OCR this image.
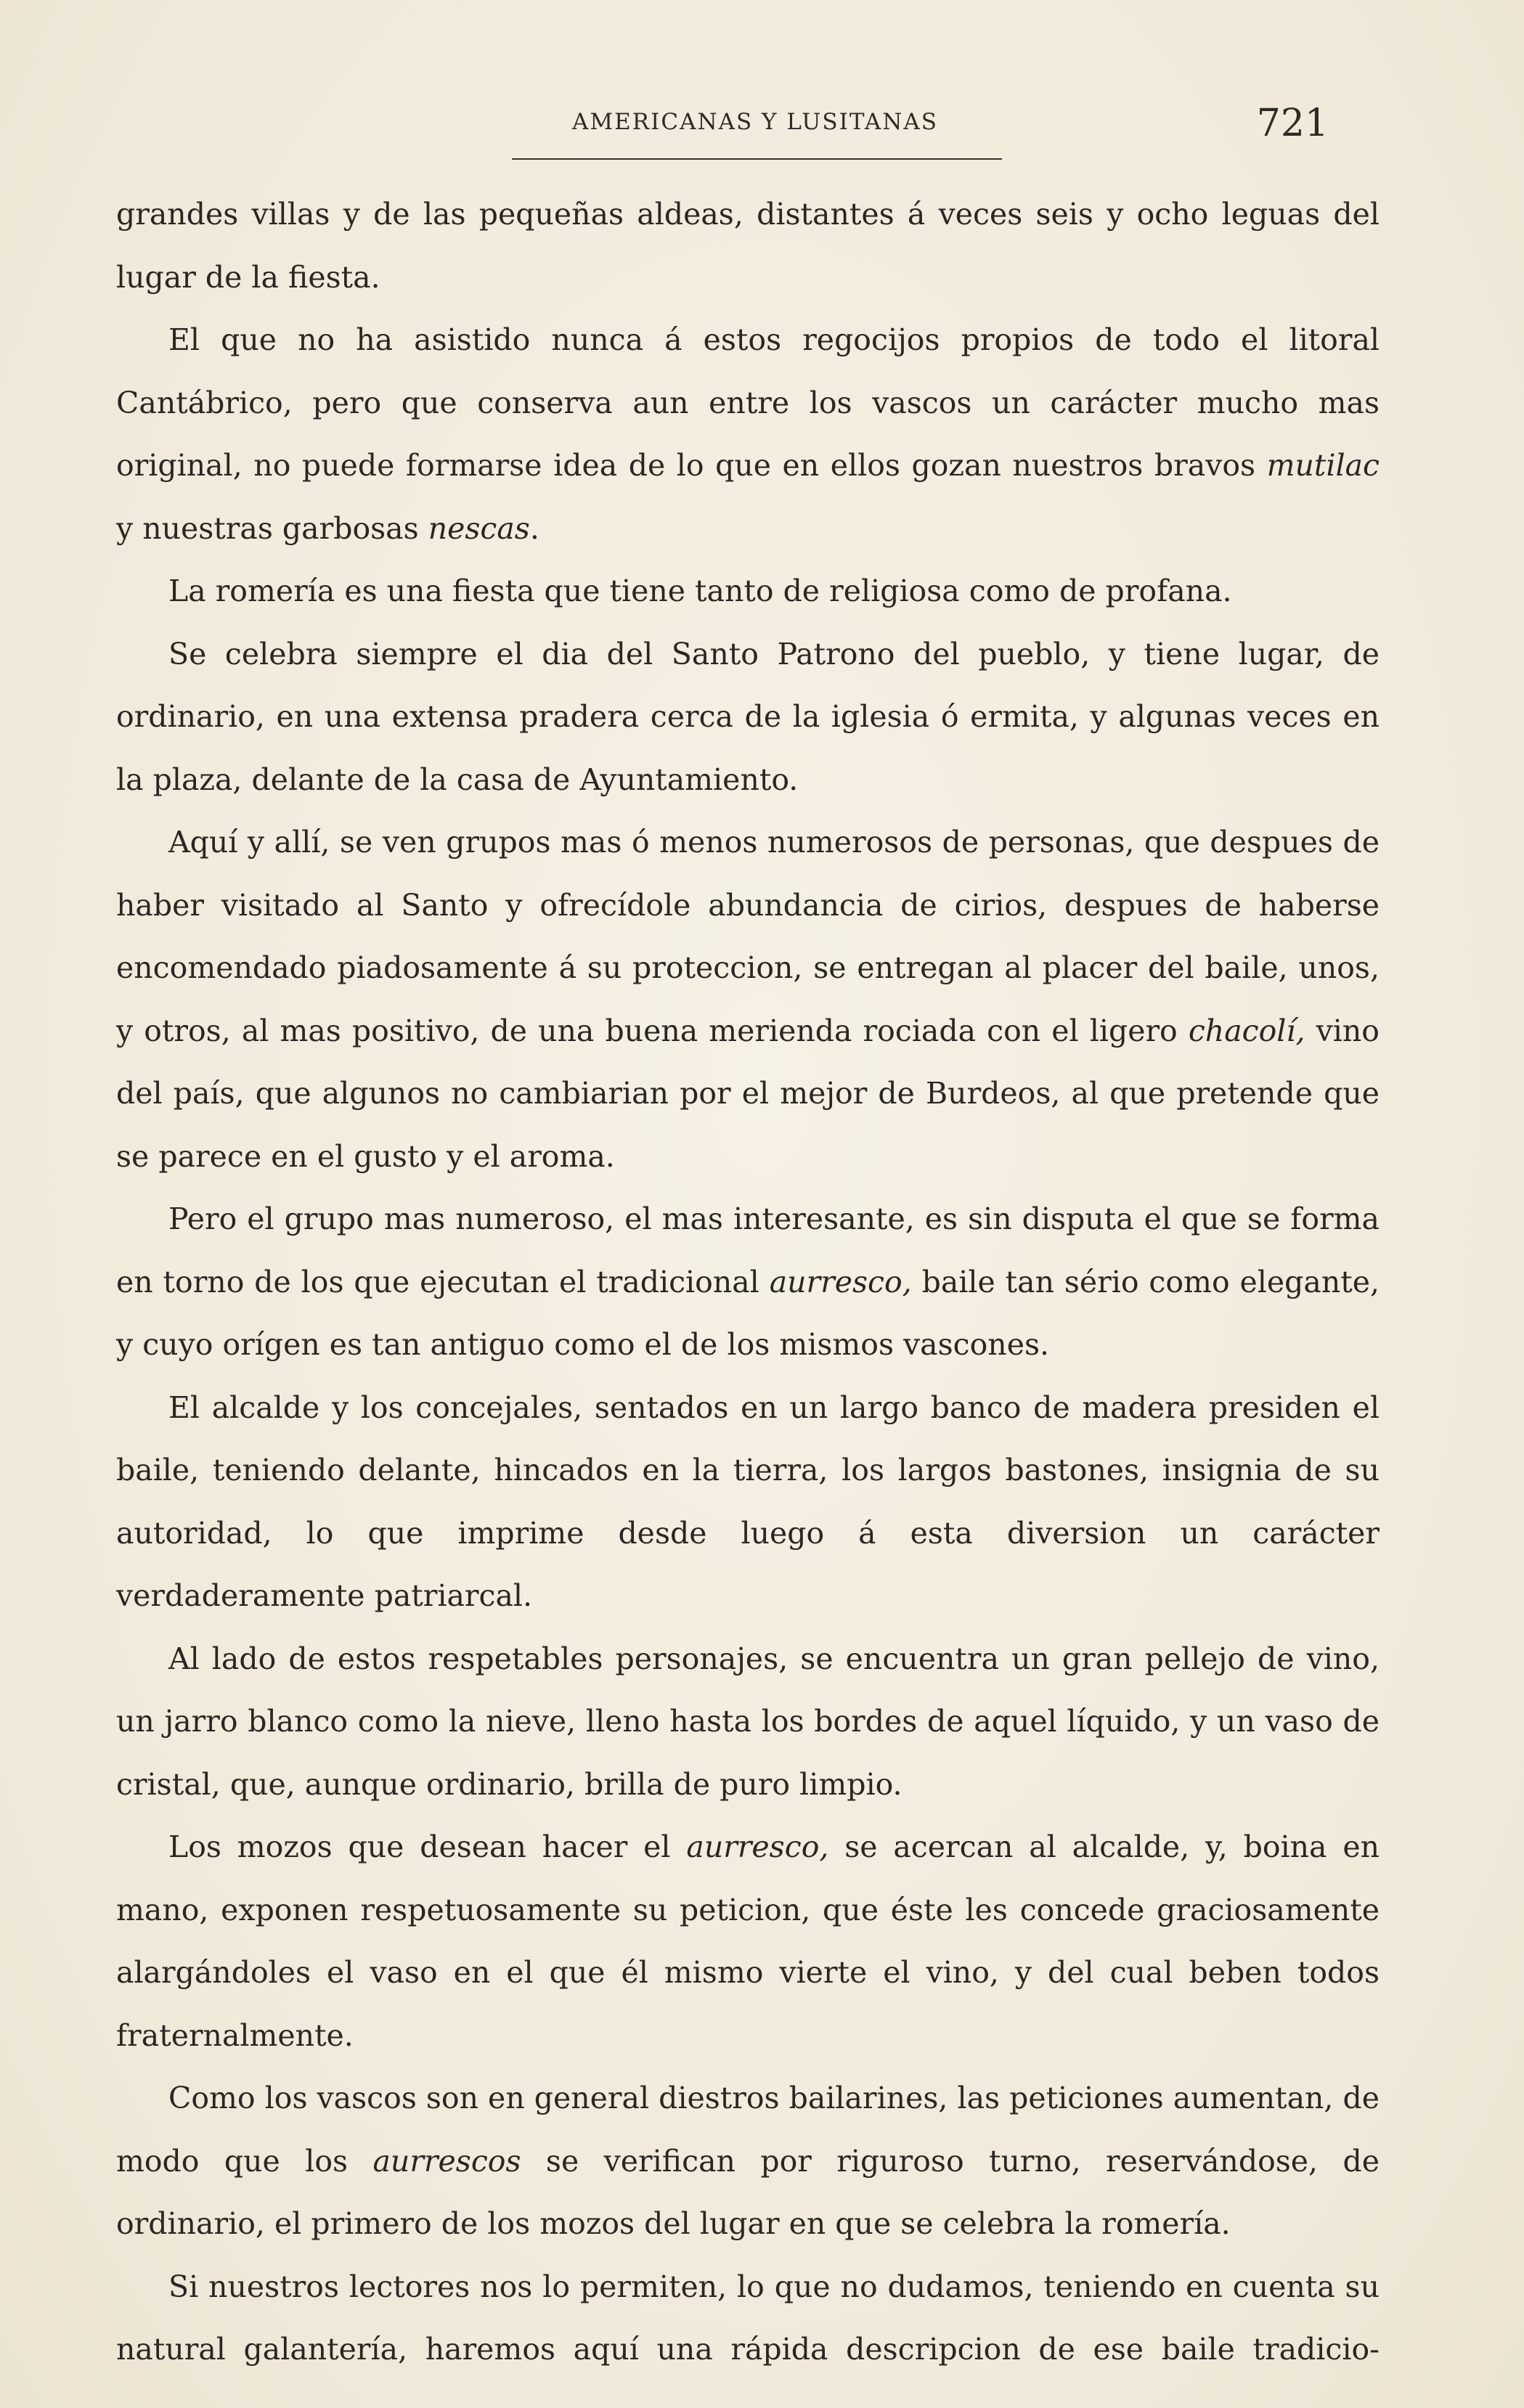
AMERICANAS Y LUSITANAS	721

grandes villas y de las pequeñas aldeas, distantes á veces seis y ocho leguas del lugar de la fiesta.

El que no ha asistido nunca á estos regocijos propios de todo el litoral Cantábrico, pero que conserva aun entre los vascos un carácter mucho mas original, no puede formarse idea de lo que en ellos gozan nuestros bravos mutilac y nuestras garbosas nescas.

La romería es una fiesta que tiene tanto de religiosa como de profana.

Se celebra siempre el dia del Santo Patrono del pueblo, y tiene lugar, de ordinario, en una extensa pradera cerca de la iglesia ó ermita, y algunas veces en la plaza, delante de la casa de Ayuntamiento.

Aquí y allí, se ven grupos mas ó menos numerosos de personas, que despues de haber visitado al Santo y ofrecídole abundancia de cirios, despues de haberse encomendado piadosamente á su proteccion, se entregan al placer del baile, unos, y otros, al mas positivo, de una buena merienda rociada con el ligero chacolí, vino del país, que algunos no cambiarian por el mejor de Burdeos, al que pretende que se parece en el gusto y el aroma.

Pero el grupo mas numeroso, el mas interesante, es sin disputa el que se forma en torno de los que ejecutan el tradicional aurresco, baile tan sério como elegante, y cuyo orígen es tan antiguo como el de los mismos vascones.

El alcalde y los concejales, sentados en un largo banco de madera presiden el baile, teniendo delante, hincados en la tierra, los largos bastones, insignia de su autoridad, lo que imprime desde luego á esta diversion un carácter verdaderamente patriarcal.

Al lado de estos respetables personajes, se encuentra un gran pellejo de vino, un jarro blanco como la nieve, lleno hasta los bordes de aquel líquido, y un vaso de cristal, que, aunque ordinario, brilla de puro limpio.

Los mozos que desean hacer el aurresco, se acercan al alcalde, y, boina en mano, exponen respetuosamente su peticion, que éste les concede graciosamente alargándoles el vaso en el que él mismo vierte el vino, y del cual beben todos fraternalmente.

Como los vascos son en general diestros bailarines, las peticiones aumentan, de modo que los aurrescos se verifican por riguroso turno, reservándose, de ordinario, el primero de los mozos del lugar en que se celebra la romería.

Si nuestros lectores nos lo permiten, lo que no dudamos, teniendo en cuenta su natural galantería, haremos aquí una rápida descripcion de ese baile tradicio-
